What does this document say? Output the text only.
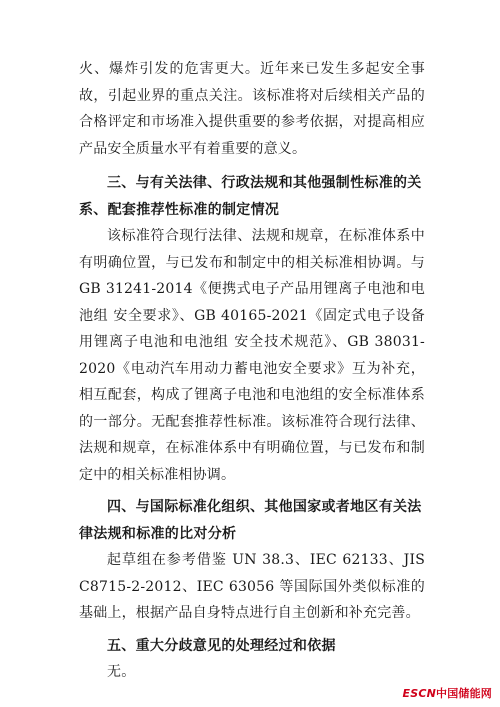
火、爆炸引发的危害更大。近年来已发生多起安全事故，引起业界的重点关注。该标准将对后续相关产品的合格评定和市场准入提供重要的参考依据，对提高相应产品安全质量水平有着重要的意义。

三、与有关法律、行政法规和其他强制性标准的关系、配套推荐性标准的制定情况

该标准符合现行法律、法规和规章，在标准体系中有明确位置，与已发布和制定中的相关标准相协调。与 GB 31241-2014《便携式电子产品用锂离子电池和电池组 安全要求》、GB 40165-2021《固定式电子设备用锂离子电池和电池组 安全技术规范》、GB 38031-2020《电动汽车用动力蓄电池安全要求》互为补充，相互配套，构成了锂离子电池和电池组的安全标准体系的一部分。无配套推荐性标准。该标准符合现行法律、法规和规章，在标准体系中有明确位置，与已发布和制定中的相关标准相协调。

四、与国际标准化组织、其他国家或者地区有关法律法规和标准的比对分析

起草组在参考借鉴 UN 38.3、IEC 62133、JIS C8715-2-2012、IEC 63056 等国际国外类似标准的基础上，根据产品自身特点进行自主创新和补充完善。

五、重大分歧意见的处理经过和依据

无。

ESCN中国储能网
